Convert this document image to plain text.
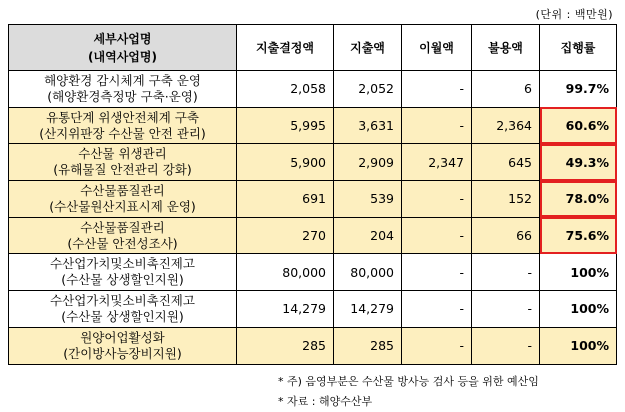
(단위 : 백만원)
세부사업명
(내역사업명)	지출결정액	지출액	이월액	불용액	집행률

해양환경 감시체계 구축 운영
(해양환경측정망 구축·운영)	2,058	2,052	-	6	99.7%

유통단계 위생안전체계 구축
(산지위판장 수산물 안전 관리)	5,995	3,631	-	2,364	60.6%

수산물 위생관리
(유해물질 안전관리 강화)	5,900	2,909	2,347	645	49.3%

수산물품질관리
(수산물원산지표시제 운영)	691	539	-	152	78.0%

수산물품질관리
(수산물 안전성조사)	270	204	-	66	75.6%

수산업가치및소비촉진제고
(수산물 상생할인지원)	80,000	80,000	-	-	100%

수산업가치및소비촉진제고
(수산물 상생할인지원)	14,279	14,279	-	-	100%

원양어업활성화
(간이방사능장비지원)	285	285	-	-	100%
* 주) 음영부분은 수산물 방사능 검사 등을 위한 예산임
* 자료 : 해양수산부
